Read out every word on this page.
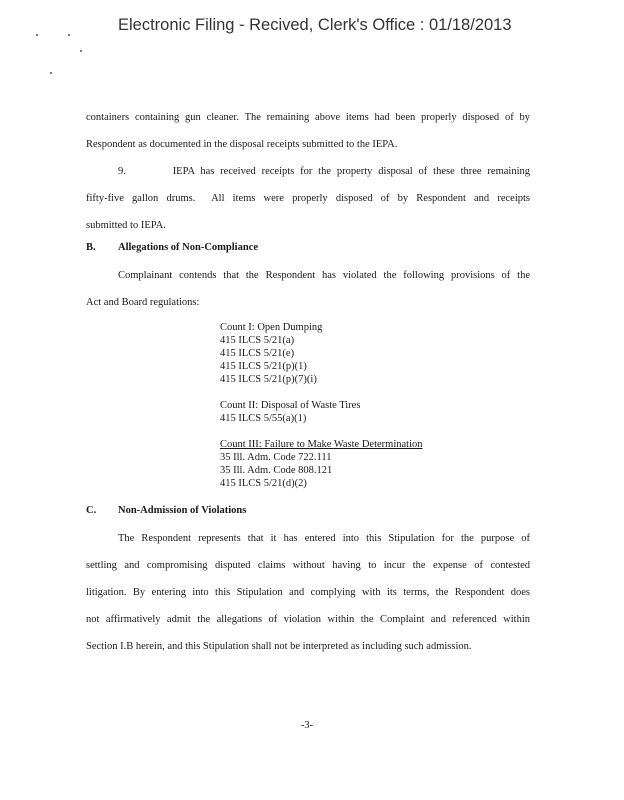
Electronic Filing - Recived, Clerk's Office : 01/18/2013
containers containing gun cleaner. The remaining above items had been properly disposed of by
Respondent as documented in the disposal receipts submitted to the IEPA.
9.        IEPA has received receipts for the property disposal of these three remaining
fifty-five gallon drums.  All items were properly disposed of by Respondent and receipts
submitted to IEPA.
B. Allegations of Non-Compliance
Complainant contends that the Respondent has violated the following provisions of the
Act and Board regulations:
Count I: Open Dumping
415 ILCS 5/21(a)
415 ILCS 5/21(e)
415 ILCS 5/21(p)(1)
415 ILCS 5/21(p)(7)(i)
Count II: Disposal of Waste Tires
415 ILCS 5/55(a)(1)
Count III: Failure to Make Waste Determination
35 Ill. Adm. Code 722.111
35 Ill. Adm. Code 808.121
415 ILCS 5/21(d)(2)
C. Non-Admission of Violations
The Respondent represents that it has entered into this Stipulation for the purpose of
settling and compromising disputed claims without having to incur the expense of contested
litigation. By entering into this Stipulation and complying with its terms, the Respondent does
not affirmatively admit the allegations of violation within the Complaint and referenced within
Section I.B herein, and this Stipulation shall not be interpreted as including such admission.
-3-
